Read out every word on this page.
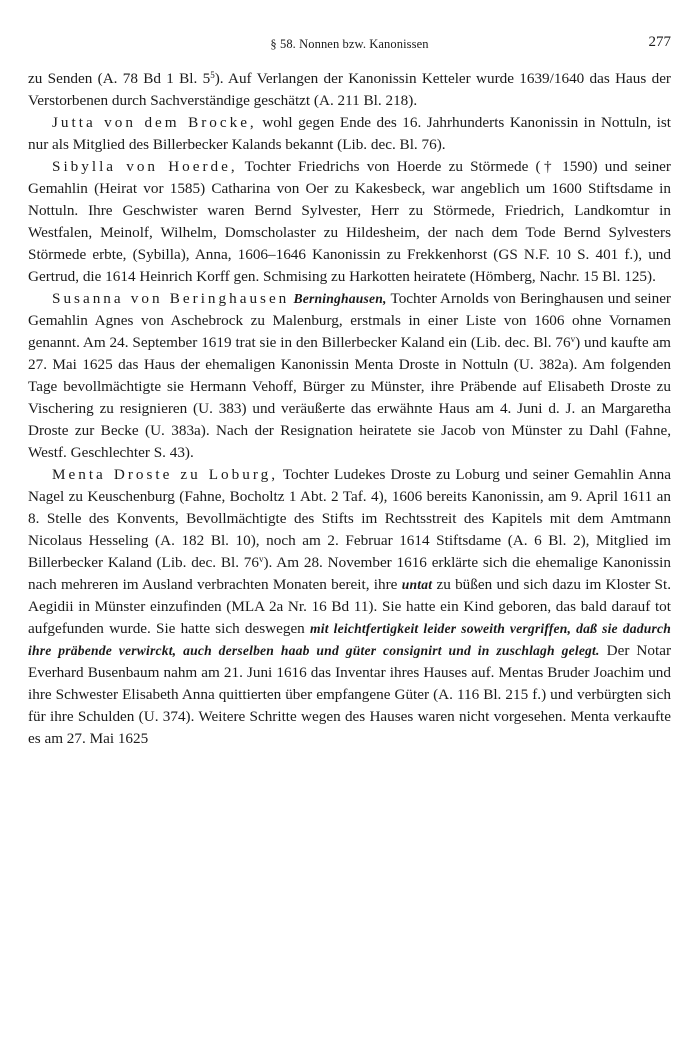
§ 58. Nonnen bzw. Kanonissen	277

zu Senden (A. 78 Bd 1 Bl. $5^5$). Auf Verlangen der Kanonissin Ketteler wurde 1639/1640 das Haus der Verstorbenen durch Sachverständige geschätzt (A. 211 Bl. 218).

Jutta von dem Brocke, wohl gegen Ende des 16. Jahrhunderts Kanonissin in Nottuln, ist nur als Mitglied des Billerbecker Kalands bekannt (Lib. dec. Bl. 76).

Sibylla von Hoerde, Tochter Friedrichs von Hoerde zu Störmede († 1590) und seiner Gemahlin (Heirat vor 1585) Catharina von Oer zu Kakesbeck, war angeblich um 1600 Stiftsdame in Nottuln. Ihre Geschwister waren Bernd Sylvester, Herr zu Störmede, Friedrich, Landkomtur in Westfalen, Meinolf, Wilhelm, Domscholaster zu Hildesheim, der nach dem Tode Bernd Sylvesters Störmede erbte, (Sybilla), Anna, 1606–1646 Kanonissin zu Frekkenhorst (GS N.F. 10 S. 401 f.), und Gertrud, die 1614 Heinrich Korff gen. Schmising zu Harkotten heiratete (Hömberg, Nachr. 15 Bl. 125).

Susanna von Beringhausen Berninghausen, Tochter Arnolds von Beringhausen und seiner Gemahlin Agnes von Aschebrock zu Malenburg, erstmals in einer Liste von 1606 ohne Vornamen genannt. Am 24. September 1619 trat sie in den Billerbecker Kaland ein (Lib. dec. Bl. 76$^v$) und kaufte am 27. Mai 1625 das Haus der ehemaligen Kanonissin Menta Droste in Nottuln (U. 382a). Am folgenden Tage bevollmächtigte sie Hermann Vehoff, Bürger zu Münster, ihre Präbende auf Elisabeth Droste zu Vischering zu resignieren (U. 383) und veräußerte das erwähnte Haus am 4. Juni d. J. an Margaretha Droste zur Becke (U. 383a). Nach der Resignation heiratete sie Jacob von Münster zu Dahl (Fahne, Westf. Geschlechter S. 43).

Menta Droste zu Loburg, Tochter Ludekes Droste zu Loburg und seiner Gemahlin Anna Nagel zu Keuschenburg (Fahne, Bocholtz 1 Abt. 2 Taf. 4), 1606 bereits Kanonissin, am 9. April 1611 an 8. Stelle des Konvents, Bevollmächtigte des Stifts im Rechtsstreit des Kapitels mit dem Amtmann Nicolaus Hesseling (A. 182 Bl. 10), noch am 2. Februar 1614 Stiftsdame (A. 6 Bl. 2), Mitglied im Billerbecker Kaland (Lib. dec. Bl. 76$^v$). Am 28. November 1616 erklärte sich die ehemalige Kanonissin nach mehreren im Ausland verbrachten Monaten bereit, ihre untat zu büßen und sich dazu im Kloster St. Aegidii in Münster einzufinden (MLA 2a Nr. 16 Bd 11). Sie hatte ein Kind geboren, das bald darauf tot aufgefunden wurde. Sie hatte sich deswegen mit leichtfertigkeit leider soweith vergriffen, daß sie dadurch ihre präbende verwirckt, auch derselben haab und güter consignirt und in zuschlagh gelegt. Der Notar Everhard Busenbaum nahm am 21. Juni 1616 das Inventar ihres Hauses auf. Mentas Bruder Joachim und ihre Schwester Elisabeth Anna quittierten über empfangene Güter (A. 116 Bl. 215 f.) und verbürgten sich für ihre Schulden (U. 374). Weitere Schritte wegen des Hauses waren nicht vorgesehen. Menta verkaufte es am 27. Mai 1625
